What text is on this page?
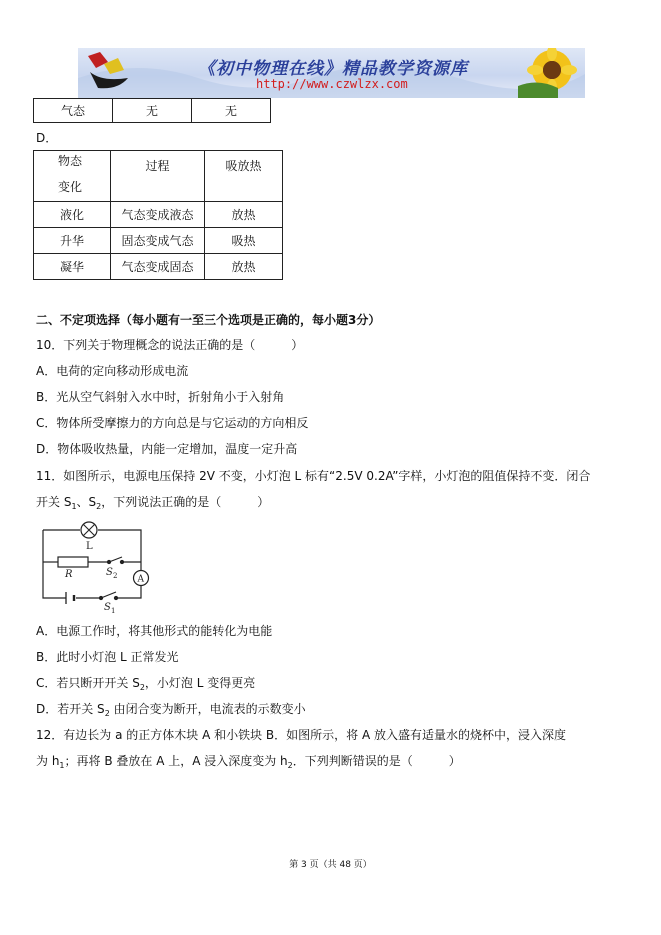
《初中物理在线》精品教学资源库
http://www.czwlzx.com
气态	无	无
D．
物态
变化	过程	吸放热
液化	气态变成液态	放热
升华	固态变成气态	吸热
凝华	气态变成固态	放热
二、不定项选择（每小题有一至三个选项是正确的，每小题3分）
10．下列关于物理概念的说法正确的是（　　　）
A．电荷的定向移动形成电流
B．光从空气斜射入水中时，折射角小于入射角
C．物体所受摩擦力的方向总是与它运动的方向相反
D．物体吸收热量，内能一定增加，温度一定升高
11．如图所示，电源电压保持 2V 不变，小灯泡 L 标有“2.5V 0.2A”字样，小灯泡的阻值保持不变．闭合
开关 $S_1$、$S_2$，下列说法正确的是（　　　）
L
R	S 2 A
S 1
A．电源工作时，将其他形式的能转化为电能
B．此时小灯泡 L 正常发光
C．若只断开开关 $S_2$，小灯泡 L 变得更亮
D．若开关 $S_2$ 由闭合变为断开，电流表的示数变小
12．有边长为 a 的正方体木块 A 和小铁块 B．如图所示，将 A 放入盛有适量水的烧杯中，浸入深度
为 $h_1$；再将 B 叠放在 A 上，A 浸入深度变为 $h_2$．下列判断错误的是（　　　）
第 3 页（共 48 页）
